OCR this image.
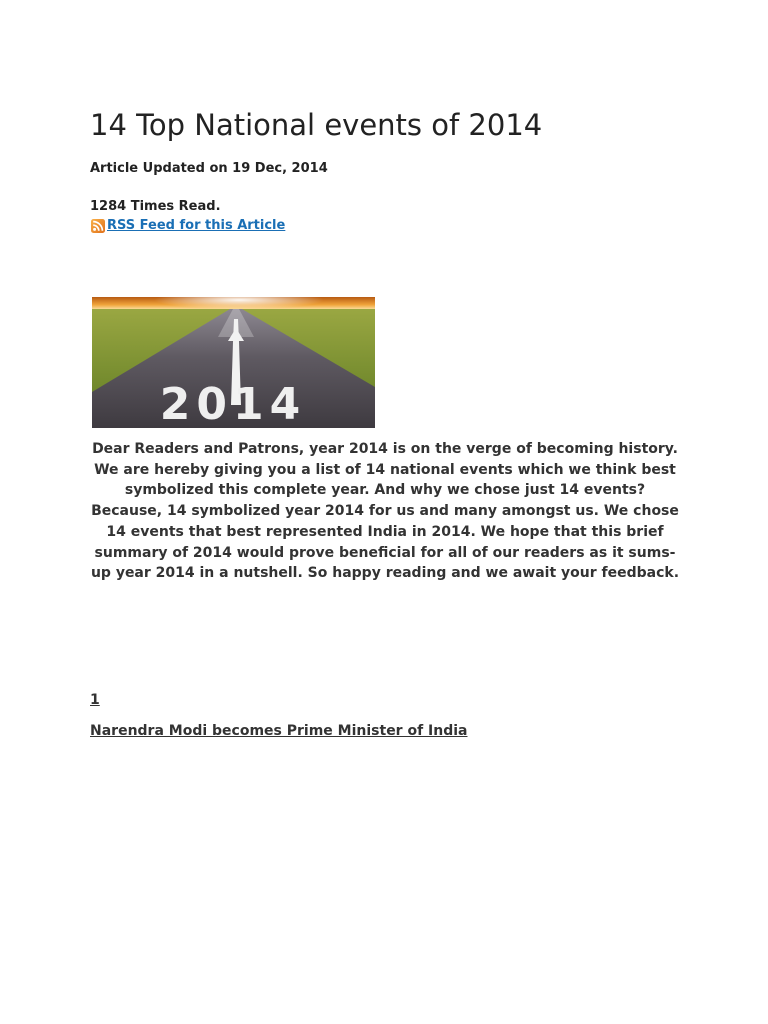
14 Top National events of 2014

Article Updated on 19 Dec, 2014

1284 Times Read.

RSS Feed for this Article
2014

Dear Readers and Patrons, year 2014 is on the verge of becoming history. We are hereby giving you a list of 14 national events which we think best symbolized this complete year. And why we chose just 14 events? Because, 14 symbolized year 2014 for us and many amongst us. We chose 14 events that best represented India in 2014. We hope that this brief summary of 2014 would prove beneficial for all of our readers as it sums-up year 2014 in a nutshell. So happy reading and we await your feedback.

1

Narendra Modi becomes Prime Minister of India
